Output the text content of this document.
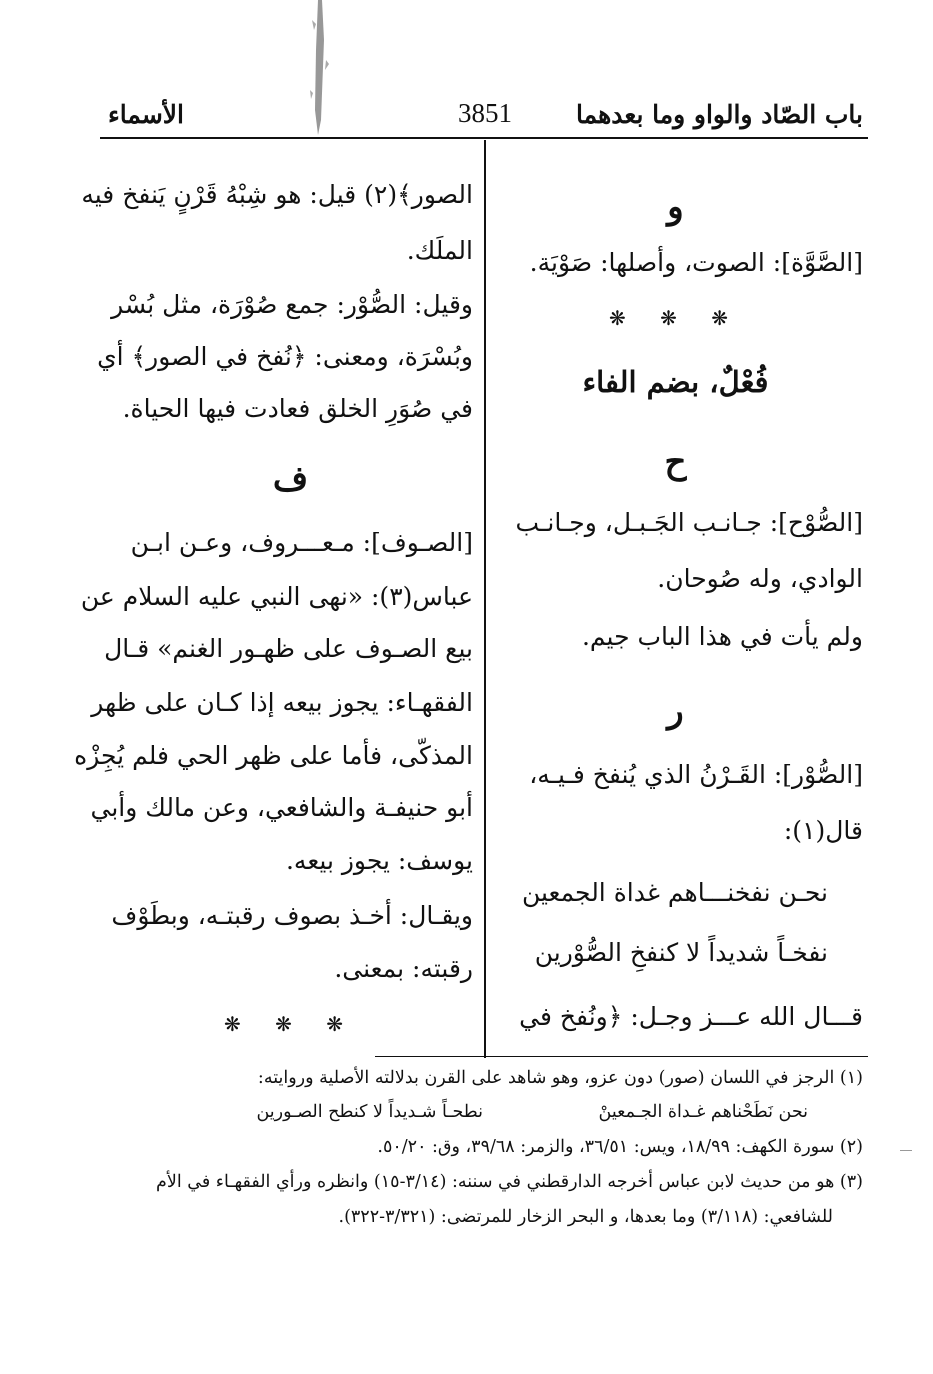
باب الصّاد والواو وما بعدهما
3851
الأسماء
و
[الصَّوَّة]: الصوت، وأصلها: صَوْيَة.
❋ ❋ ❋
فُعْلٌ، بضم الفاء
ح
[الصُّوْح]: جـانـب الجَـبـل، وجـانـب
الوادي، وله صُوحان.
ولم يأت في هذا الباب جيم.
ر
[الصُّوْر]: القَـرْنُ الذي يُنفخ فـيـه،
قال(١):
نحـن نفخنـــاهم غداة الجمعين
نفخـاً شديداً لا كنفخِ الصُّوْرين
قـــال الله عـــز وجـل: ﴿ونُفخ في
الصور﴾(٢) قيل: هو شِبْهُ قَرْنٍ يَنفخ فيه
الملَك.
وقيل: الصُّوْر: جمع صُوْرَة، مثل بُسْر
وبُسْرَة، ومعنى: ﴿نُفخ في الصور﴾ أي
في صُوَرِ الخلق فعادت فيها الحياة.
ف
[الصـوف]: مـعـــروف، وعـن ابـن
عباس(٣): «نهى النبي عليه السلام عن
بيع الصـوف على ظهـور الغنم» قـال
الفقهـاء: يجوز بيعه إذا كـان على ظهر
المذكّى، فأما على ظهر الحي فلم يُجِزْه
أبو حنيفـة والشافعي، وعن مالك وأبي
يوسف: يجوز بيعه.
ويقـال: أخـذ بصوف رقبتـه، وبطَوْف
رقبته: بمعنى.
❋ ❋ ❋
(١) الرجز في اللسان (صور) دون عزو، وهو شاهد على القرن بدلالته الأصلية وروايته:
نحن نَطَحْناهم غـداة الجـمعينْ
نطحـاً شـديداً لا كنطح الصـورين
(٢) سورة الكهف: ١٨/٩٩، ويس: ٣٦/٥١، والزمر: ٣٩/٦٨، وق: ٥٠/٢٠.
(٣) هو من حديث لابن عباس أخرجه الدارقطني في سننه: (٣/١٤-١٥) وانظره ورأي الفقهـاء في الأم
للشافعي: (٣/١١٨) وما بعدها، و البحر الزخار للمرتضى: (٣/٣٢١-٣٢٢).
